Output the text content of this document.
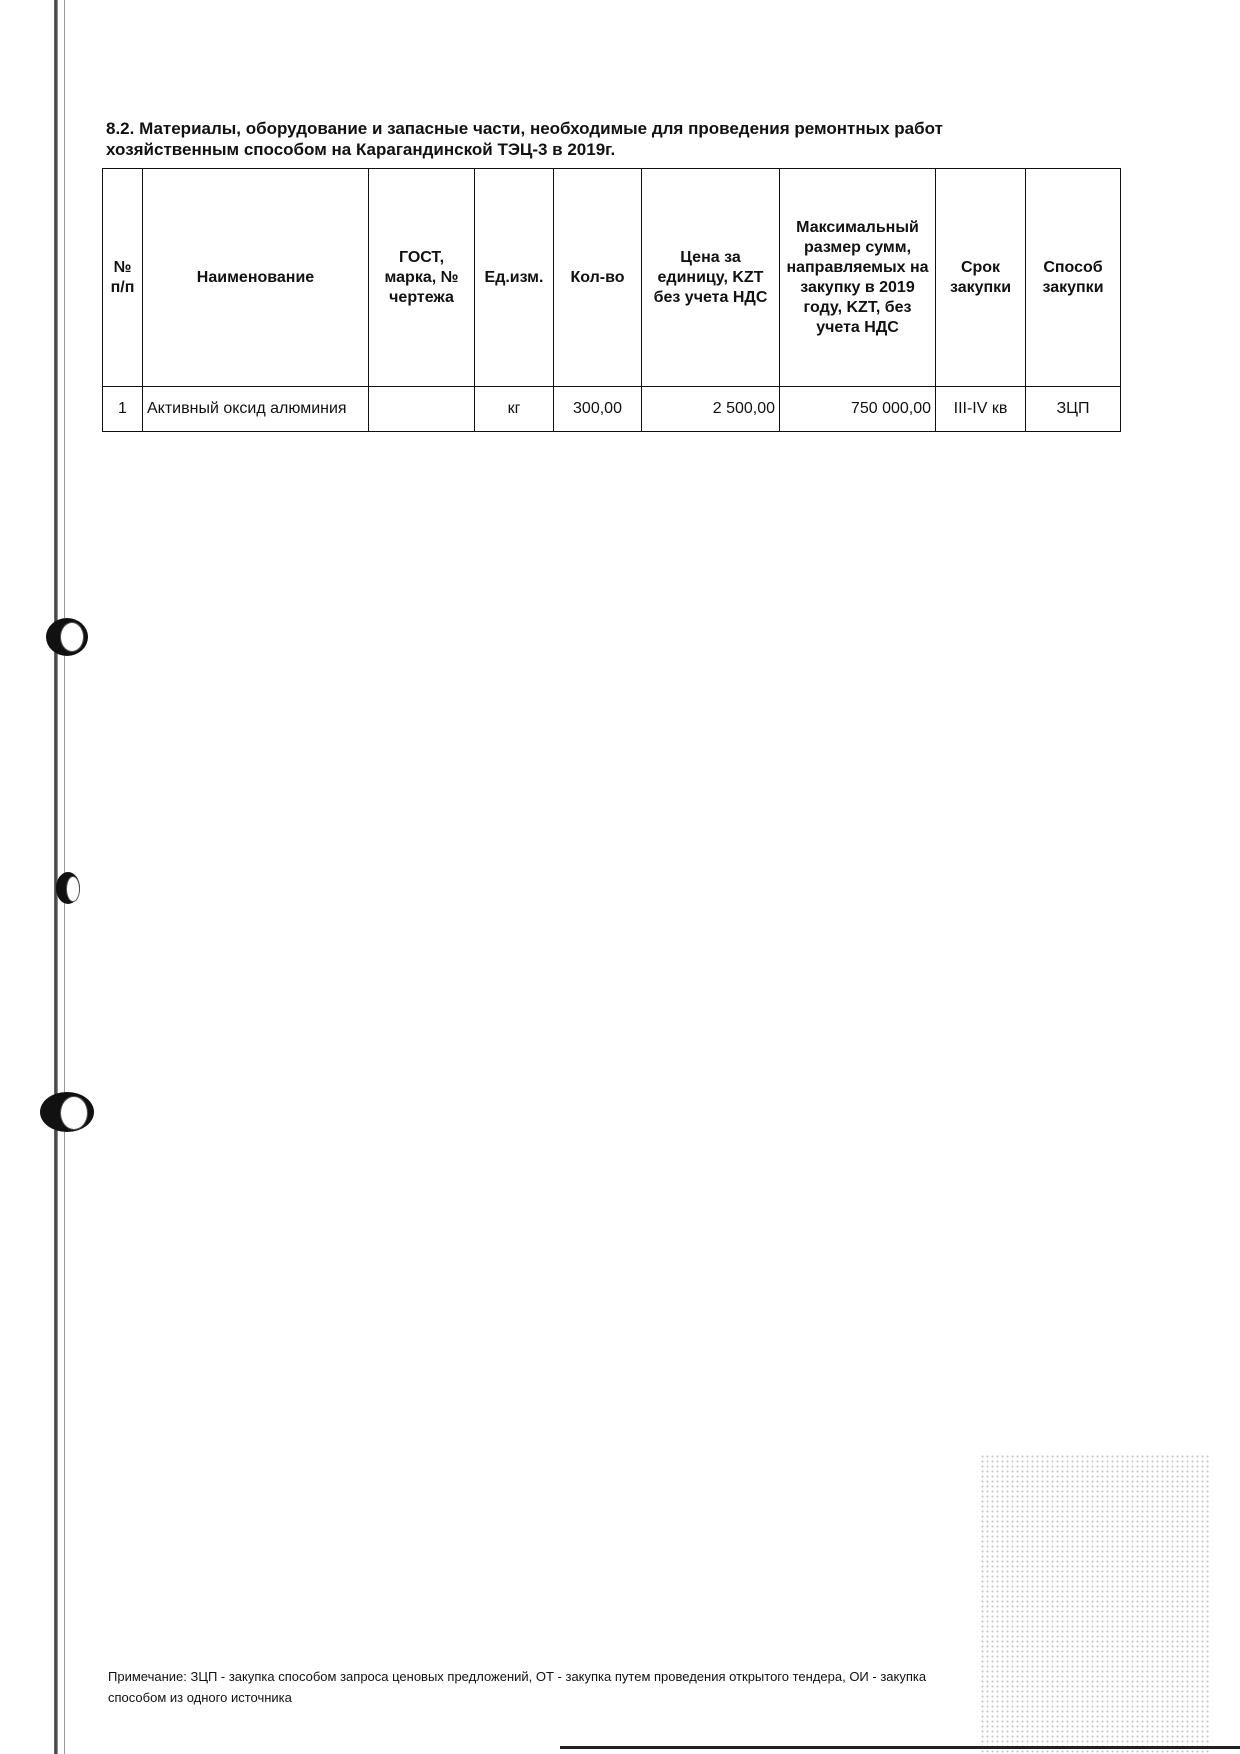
8.2. Материалы, оборудование и запасные части, необходимые для проведения ремонтных работ
хозяйственным способом на Карагандинской ТЭЦ-3 в 2019г.

№ п/п	Наименование	ГОСТ, марка, № чертежа	Ед.изм.	Кол-во	Цена за единицу, KZT без учета НДС	Максимальный размер сумм, направляемых на закупку в 2019 году, KZT, без учета НДС	Срок закупки	Способ закупки
1	Активный оксид алюминия		кг	300,00	2 500,00	750 000,00	III-IV кв	ЗЦП

Примечание: ЗЦП - закупка способом запроса ценовых предложений, ОТ - закупка путем проведения открытого тендера, ОИ - закупка
способом из одного источника
